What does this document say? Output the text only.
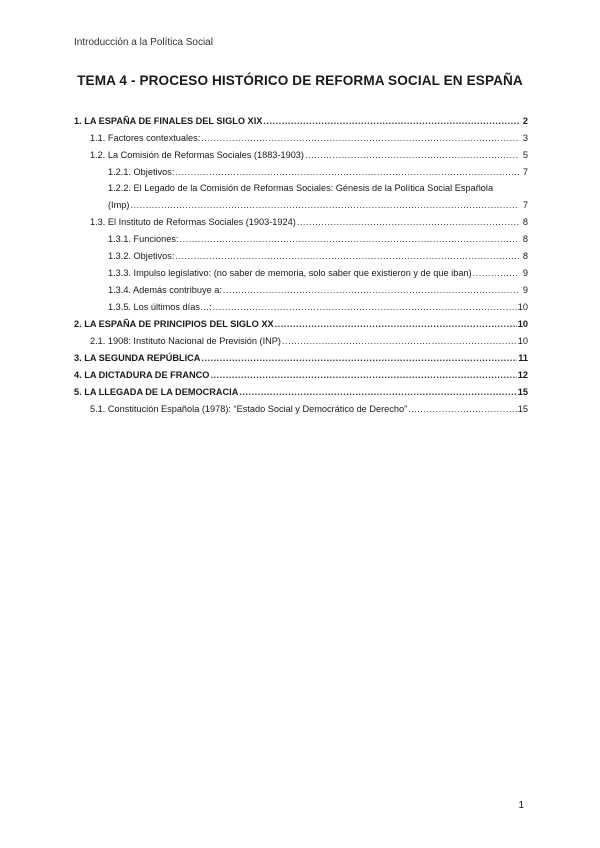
Introducción a la Política Social
TEMA 4 - PROCESO HISTÓRICO DE REFORMA SOCIAL EN ESPAÑA
1. LA ESPAÑA DE FINALES DEL SIGLO XIX .....	2
1.1. Factores contextuales: .....	3
1.2. La Comisión de Reformas Sociales (1883-1903) .....	5
1.2.1. Objetivos: .....	7
1.2.2. El Legado de la Comisión de Reformas Sociales: Génesis de la Política Social Española
(Imp) .....	7
1.3. El Instituto de Reformas Sociales (1903-1924) .....	8
1.3.1. Funciones: .....	8
1.3.2. Objetivos: .....	8
1.3.3. Impulso legislativo: (no saber de memoria, solo saber que existieron y de que iban) .....	9
1.3.4. Además contribuye a: .....	9
1.3.5. Los últimos días…: .....	10
2. LA ESPAÑA DE PRINCIPIOS DEL SIGLO XX .....	10
2.1. 1908: Instituto Nacional de Previsión (INP) .....	10
3. LA SEGUNDA REPÚBLICA .....	11
4. LA DICTADURA DE FRANCO .....	12
5. LA LLEGADA DE LA DEMOCRACIA .....	15
5.1. Constitución Española (1978): “Estado Social y Democrático de Derecho” .....	15
1
